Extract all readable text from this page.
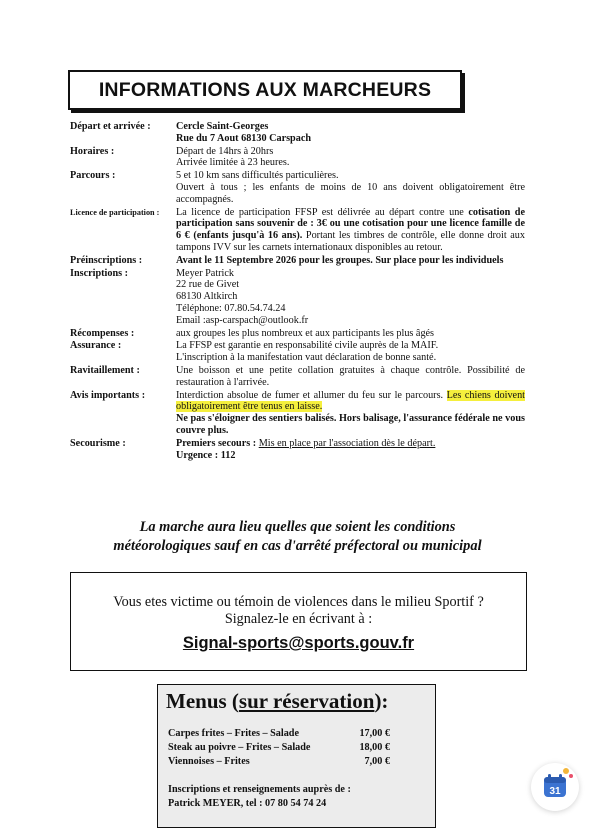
INFORMATIONS AUX MARCHEURS
Départ et arrivée :	Cercle Saint-Georges
Rue du 7 Aout 68130 Carspach
Horaires :	Départ de 14hrs à 20hrs
Arrivée limitée à 23 heures.
Parcours :	5 et 10 km sans difficultés particulières.
Ouvert à tous ; les enfants de moins de 10 ans doivent obligatoirement être accompagnés.
Licence de participation :	La licence de participation FFSP est délivrée au départ contre une cotisation de participation sans souvenir de : 3€ ou une cotisation pour une licence famille de 6 € (enfants jusqu'à 16 ans). Portant les timbres de contrôle, elle donne droit aux tampons IVV sur les carnets internationaux disponibles au retour.
Préinscriptions :	Avant le 11 Septembre 2026 pour les groupes. Sur place pour les individuels
Inscriptions :	Meyer Patrick
22 rue de Givet
68130 Altkirch
Téléphone: 07.80.54.74.24
Email :asp-carspach@outlook.fr
Récompenses :	aux groupes les plus nombreux et aux participants les plus âgés
Assurance :	La FFSP est garantie en responsabilité civile auprès de la MAIF.
L'inscription à la manifestation vaut déclaration de bonne santé.
Ravitaillement :	Une boisson et une petite collation gratuites à chaque contrôle. Possibilité de restauration à l'arrivée.
Avis importants :	Interdiction absolue de fumer et allumer du feu sur le parcours. Les chiens doivent obligatoirement être tenus en laisse.
Ne pas s'éloigner des sentiers balisés. Hors balisage, l'assurance fédérale ne vous couvre plus.
Secourisme :	Premiers secours : Mis en place par l'association dès le départ.
Urgence : 112
La marche aura lieu quelles que soient les conditions
météorologiques sauf en cas d'arrêté préfectoral ou municipal
Vous etes victime ou témoin de violences dans le milieu Sportif ?
Signalez-le en écrivant à :
Signal-sports@sports.gouv.fr
Menus (sur réservation):
Carpes frites – Frites – Salade	17,00 €
Steak au poivre – Frites – Salade	18,00 €
Viennoises – Frites	7,00 €
Inscriptions et renseignements auprès de :
Patrick MEYER, tel : 07 80 54 74 24
31
